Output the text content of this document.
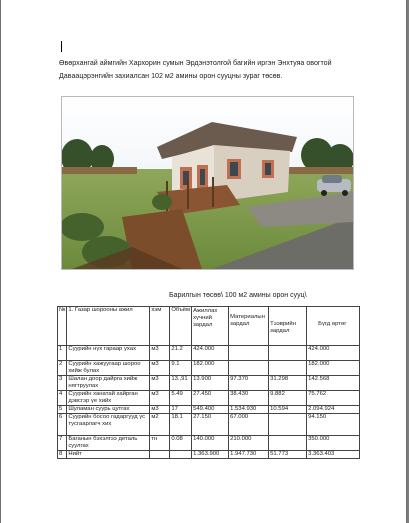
Өвөрхангай аймгийн Хархорин сумын Эрдэнэтолгой багийн иргэн Энхтуяа овогтой Даваацэрэнгийн захиалсан 102 м2 амины орон сууцны зураг төсөв.
Барилгын төсөв\ 100 м2 амины орон сууц\
№	1. Газар шорооны ажил	хэм	Объём	Ажиллах хүчний зардал	Материалын зардал	Тээврийн зардал	Бүгд өртөг

1	Суурийн нүх гараар ухах	м3	21.2	424.000			424.000
2	Суурийн хажуугаар шороо хийж булах	м3	9.1	182.000			182.000
3	Шалан доор дайрга хийж нягтруулах	м3	13.,91	13.900	97.370	31.298	142.568
4	Суурийн ханатай хайрган дэвсгэр үе хийх	м3	5.49	27.450	38.430	9.882	75.762
5	Шуламан суурь цутгах	м3	17	549.400	1.534.930	10.594	2.094.924
6	Суурийн босоо гадаргууд үс тусгаарлагч хих	м2	18.1	27.150	67.000		94.150
7	Баганын бэхэлгээ деталь суулгах	тн	0.08	140.000	210.000		350.000
8	Нийт			1.363.900	1.947.730	51.773	3.363.403
